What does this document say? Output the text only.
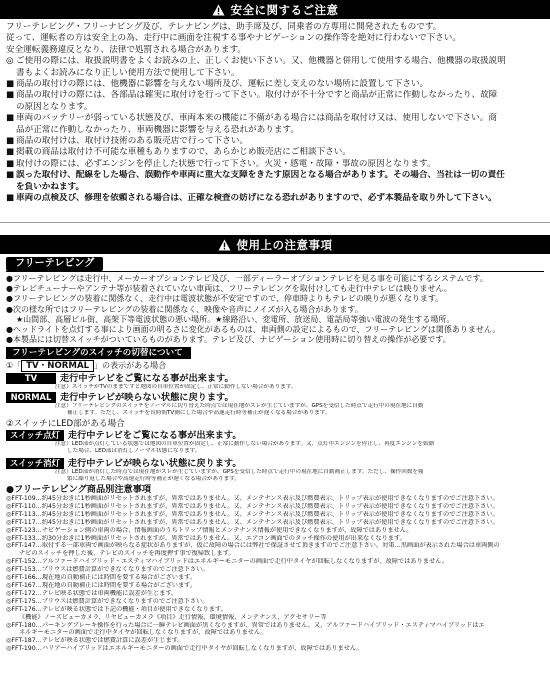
安全に関するご注意
フリーテレビング・フリーナビング及び、テレナビングは、助手席及び、同乗者の方専用に開発されたものです。
従って、運転者の方は安全上の為、走行中に画面を注視する事やナビゲーションの操作等を絶対に行わないで下さい。
安全運転義務違反となり、法律で処罰される場合があります。
◎ ご使用の際には、取扱説明書をよくお読みの上、正しくお使い下さい。又、他機器と併用して使用する場合、他機器の取扱説明
書もよくお読みになり正しい使用方法で使用して下さい。
■ 商品の取付けの際には、他機器に影響を与えない場所及び、運転に差し支えのない場所に設置して下さい。
■ 商品の取付けの際には、各部品は確実に取付けを行って下さい。取付けが不十分ですと商品が正常に作動しなかったり、故障
の原因となります。
■ 車両のバッテリーが弱っている状態及び、車両本来の機能に不備がある場合には商品を取付け又は、使用しないで下さい。商
品が正常に作動しなかったり、車両機器に影響を与える恐れがあります。
■ 商品の取付けは、取付け技術のある販売店で行って下さい。
■ 掲載の商品は取付け不可能な車種もありますので、あらかじめ販売店にご相談下さい。
■ 取付けの際には、必ずエンジンを停止した状態で行って下さい。火災・感電・故障・事故の原因となります。
■ 誤った取付け、配線をした場合、誤動作や車両に重大な支障をきたす原因となる場合があります。その場合、当社は一切の責任
を負いかねます。
■ 車両の点検及び、修理を依頼される場合は、正確な検査の妨げになる恐れがありますので、必ず本製品を取り外して下さい。
使用上の注意事項
フリーテレビング
●フリーテレビングは走行中、メーカーオプションテレビ及び、一部ディーラーオプションテレビを見る事を可能にするシステムです。
●テレビチューナーやアンテナ等が装着されていない車両は、フリーテレビングを取付けしても走行中テレビは映りません。
●フリーテレビングの装着に関係なく、走行中は電波状態が不安定ですので、停車時よりもテレビの映りが悪くなります。
●次の様な所ではフリーテレビングの装着に関係なく、映像や音声にノイズが入る場合があります。
★山間部、高層ビル街、高架下等電波状態の悪い場所。★線路沿い、変電所、放送局、電話局等強い電波の発生する場所。
●ヘッドライトを点灯する事により画面の明るさに変化があるものは、車両側の設定によるもので、フリーテレビングは関係ありません。
●本製品には切替スイッチがついているものがあります。テレビ及び、ナビゲーション使用時に切り替えの操作が必要です。
フリーテレビングのスイッチの切替について
①「 TV・NORMAL 」の表示がある場合
TV	走行中テレビをご覧になる事が出来ます。
注意）スイッチがTVのままですと地図の自車位置が固定し、正常に動作しない場合があります。
NORMAL 走行中テレビが映らない状態に戻ります。
注意）フリーテレビングのスイッチをノーマルに切り替えた時点では現在地がズレが生じていますが、GPSを受信した時点で走行中の現在地に自動
補正します。ただし、スイッチを長時間TV側にした場合や高速走行時等補正が遅くなる場合があります。
②スイッチにLED部がある場合
スイッチ点灯 走行中テレビをご覧になる事が出来ます。
注意）LED部が点灯している状態では地図の自車位置が固定し、正常に動作しない場合があります。又、点灯中エンジンを停止し、再度エンジンを始動
した場合、LED部は消灯しノーマル状態になります。
スイッチ消灯 走行中テレビが映らない状態に戻ります。
注意）LED部が消灯した時点では現在地がズレが生じていますが、GPSを受信した時点で走行中の現在地に自動補正します。ただし、操作回数を頻
繁に繰り返した場合や高速走行時等補正が遅くなる場合があります。
●フリーテレビング商品別注意事項
◎FFT-109…約45分おきに1秒画面がリセットされますが、異常ではありません。又、メンテナンス表示及び燃費表示、トリップ表示が使用できなくなりますのでご注意下さい。
◎FFT-110…約45分おきに1秒画面がリセットされますが、異常ではありません。又、メンテナンス表示及び燃費表示、トリップ表示が使用できなくなりますのでご注意下さい。
◎FFT-113…約45分おきに1秒画面がリセットされますが、異常ではありません。又、メンテナンス表示及び燃費表示、トリップ表示が使用できなくなりますのでご注意下さい。
◎FFT-117…約45分おきに1秒画面がリセットされますが、異常ではありません。又、メンテナンス表示及び燃費表示、トリップ表示が使用できなくなりますのでご注意下さい。
◎FFT-123…ナビゲーション側の車両の場合、情報画面のうちトリップ情報とメンテナンス情報が使用できなくなりますが、故障ではありません。
◎FFT-133…約30分おきに1秒画面がリセットされますが、異常ではありません。又、エアコン画面でのタッチ操作の使用が出来なくなります。
◎FFT-147…取付する一部車両で画面が映らなる症状がありますが、仮に故障の場合には弊社で保証させて頂きますのでご注意下さい。対策…黒画面が表示された場合は車両側の
ナビのスイッチを押した後、テレビのスイッチを再度押す事で復帰致します。
◎FFT-152…アルファードハイブリッド・エスティマハイブリッドはエネルギーモニターの画面で走行中タイヤが回転しなくなりますが、故障ではありません。
◎FFT-153…プリウスは燃費計算ができなくなりますのでご注意下さい。
◎FFT-166…現在地の自動補正には時間を要する場合がございます。
◎FFT-167…現在地の自動補正には時間を要する場合がございます。
◎FFT-172…テレビ映る状態では車両機能に誤差が生じます。
◎FFT-175…プリウスは燃費計算ができなくなりますのでご注意下さい。
◎FFT-176…テレビが映る状態では下記の機能・項目が使用できなくなります。
《機能》ノーズビューカメラ、リヤビューカメラ《項目》走行情報、環境情報、メンテナンス、アクセサリー等
◎FFT-180…パーキングブレーキ操作を行った場合に一瞬テレビ画面が黒くなりますが、異常ではありません。又、アルファードハイブリッド・エスティマハイブリッドはエ
ネルギーモニターの画面で走行中タイヤが回転しなくなりますが、故障ではありません。
◎FFT-187…テレビが映る状態では燃費計算に誤差が生じます。
◎FFT-190…ハリアーハイブリッドはエネルギーモニターの画面で走行中タイヤが回転しなくなりますが、故障ではありません。
